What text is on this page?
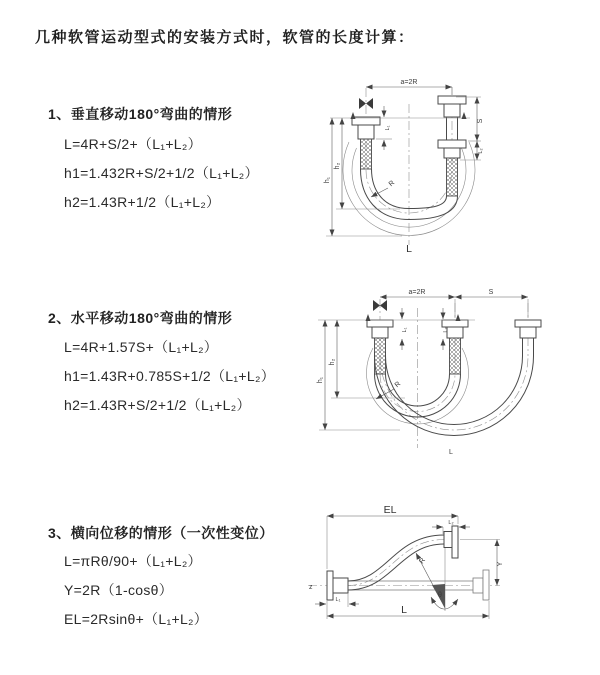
几种软管运动型式的安装方式时，软管的长度计算：
1、垂直移动180°弯曲的情形
L=4R+S/2+（L₁+L₂）
h1=1.432R+S/2+1/2（L₁+L₂）
h2=1.43R+1/2（L₁+L₂）
2、水平移动180°弯曲的情形
L=4R+1.57S+（L₁+L₂）
h1=1.43R+0.785S+1/2（L₁+L₂）
h2=1.43R+S/2+1/2（L₁+L₂）
3、横向位移的情形（一次性变位）
L=πRθ/90+（L₁+L₂）
Y=2R（1-cosθ）
EL=2Rsinθ+（L₁+L₂）
a=2R
S
L₂
h₁
h₂
L₁
R
L
a=2R	S
h₁
h₂
L₁	L₂
R
L
z
θ
R
EL
L₂
Y
L
L₁
